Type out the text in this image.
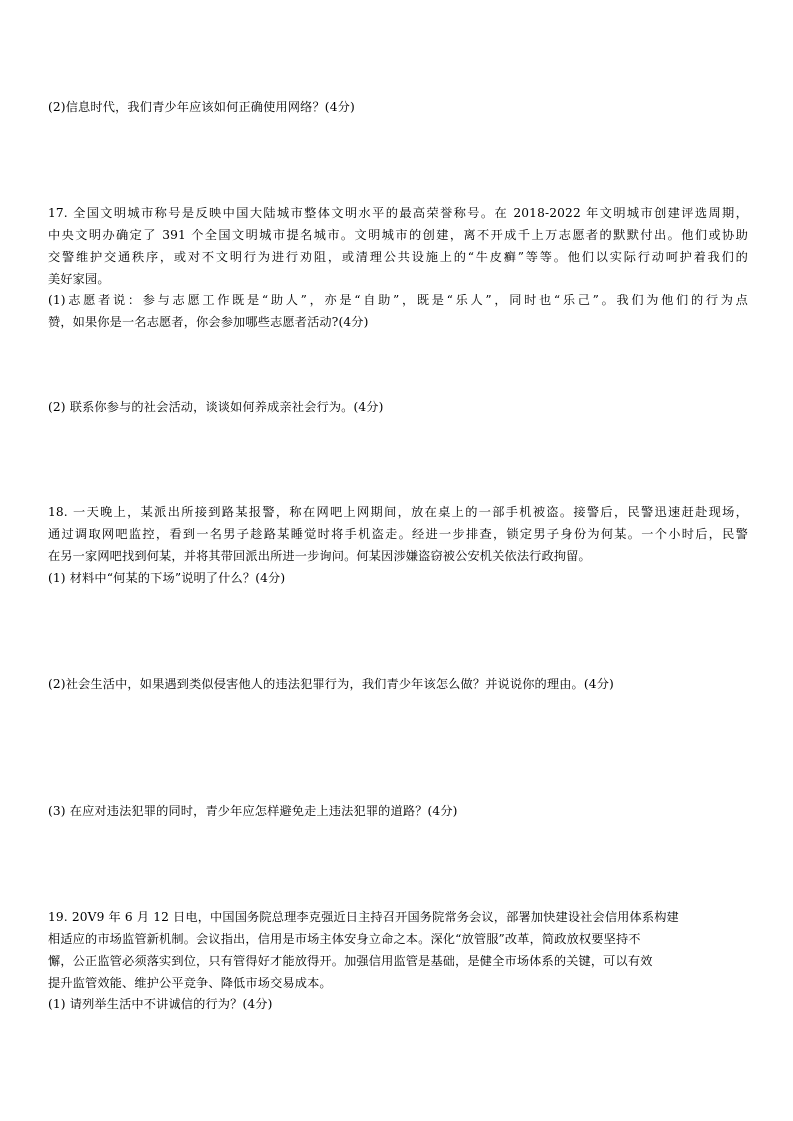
(2)信息时代，我们青少年应该如何正确使用网络？(4分)
17. 全国文明城市称号是反映中国大陆城市整体文明水平的最高荣誉称号。在 2018-2022 年文明城市创建评选周期，
中央文明办确定了 391 个全国文明城市提名城市。文明城市的创建，离不开成千上万志愿者的默默付出。他们或协助
交警维护交通秩序，或对不文明行为进行劝阻，或清理公共设施上的“牛皮癣”等等。他们以实际行动呵护着我们的
美好家园。
(1)志愿者说：参与志愿工作既是“助人”，亦是“自助”，既是“乐人”，同时也“乐己”。我们为他们的行为点
赞，如果你是一名志愿者，你会参加哪些志愿者活动?(4分)
(2) 联系你参与的社会活动，谈谈如何养成亲社会行为。(4分)
18. 一天晚上，某派出所接到路某报警，称在网吧上网期间，放在桌上的一部手机被盗。接警后，民警迅速赶赴现场，
通过调取网吧监控，看到一名男子趁路某睡觉时将手机盗走。经进一步排查，锁定男子身份为何某。一个小时后，民警
在另一家网吧找到何某，并将其带回派出所进一步询问。何某因涉嫌盗窃被公安机关依法行政拘留。
(1) 材料中“何某的下场”说明了什么？(4分)
(2)社会生活中，如果遇到类似侵害他人的违法犯罪行为，我们青少年该怎么做？并说说你的理由。(4分)
(3) 在应对违法犯罪的同时，青少年应怎样避免走上违法犯罪的道路？(4分)
19. 20V9 年 6 月 12 日电，中国国务院总理李克强近日主持召开国务院常务会议，部署加快建设社会信用体系构建
相适应的市场监管新机制。会议指出，信用是市场主体安身立命之本。深化“放管服”改革，简政放权要坚持不
懈，公正监管必须落实到位，只有管得好才能放得开。加强信用监管是基础，是健全市场体系的关键，可以有效
提升监管效能、维护公平竞争、降低市场交易成本。
(1) 请列举生活中不讲诚信的行为？(4分)
